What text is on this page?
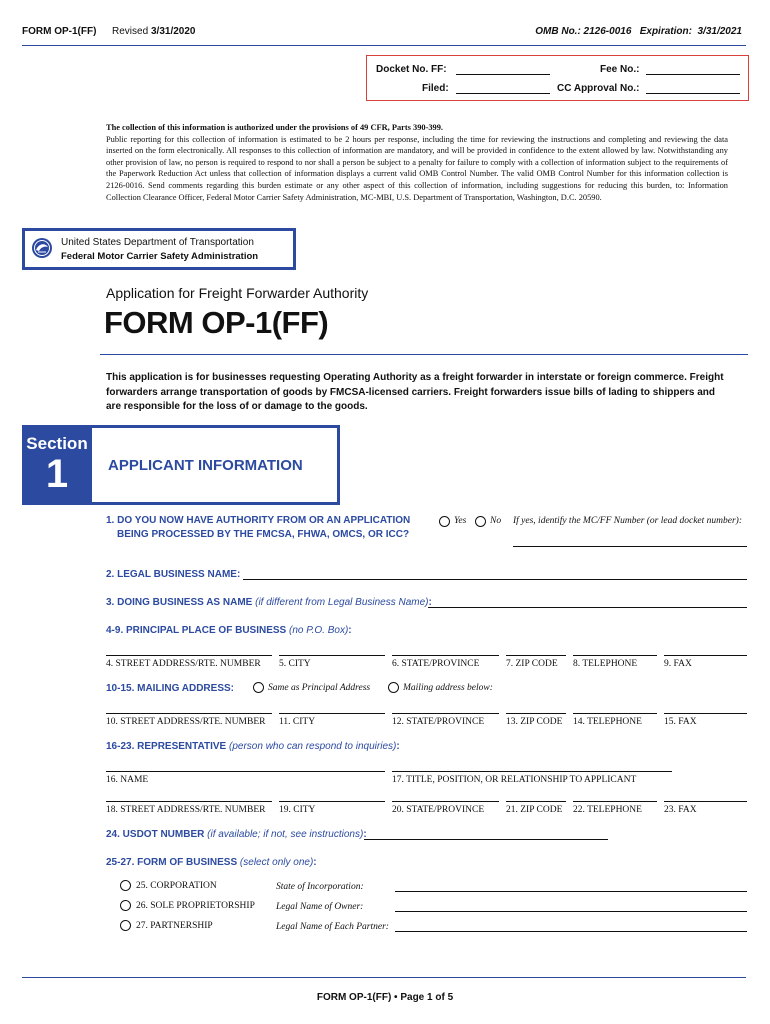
FORM OP-1(FF) Revised 3/31/2020	OMB No.: 2126-0016   Expiration:  3/31/2021
Docket No. FF:	Fee No.:
Filed:	CC Approval No.:
The collection of this information is authorized under the provisions of 49 CFR, Parts 390-399.
Public reporting for this collection of information is estimated to be 2 hours per response, including the time for reviewing the instructions and completing and reviewing the data inserted on the form electronically. All responses to this collection of information are mandatory, and will be provided in confidence to the extent allowed by law. Notwithstanding any other provision of law, no person is required to respond to nor shall a person be subject to a penalty for failure to comply with a collection of information subject to the requirements of the Paperwork Reduction Act unless that collection of information displays a current valid OMB Control Number. The valid OMB Control Number for this information collection is 2126-0016. Send comments regarding this burden estimate or any other aspect of this collection of information, including suggestions for reducing this burden, to: Information Collection Clearance Officer, Federal Motor Carrier Safety Administration, MC-MBI, U.S. Department of Transportation, Washington, D.C. 20590.
United States Department of Transportation
Federal Motor Carrier Safety Administration
Application for Freight Forwarder Authority
FORM OP-1(FF)
This application is for businesses requesting Operating Authority as a freight forwarder in interstate or foreign commerce. Freight forwarders arrange transportation of goods by FMCSA-licensed carriers. Freight forwarders issue bills of lading to shippers and are responsible for the loss of or damage to the goods.
Section
1	APPLICANT INFORMATION
1. DO YOU NOW HAVE AUTHORITY FROM OR AN APPLICATION
BEING PROCESSED BY THE FMCSA, FHWA, OMCS, OR ICC?
Yes No If yes, identify the MC/FF Number (or lead docket number):
2. LEGAL BUSINESS NAME:
3. DOING BUSINESS AS NAME (if different from Legal Business Name):
4-9. PRINCIPAL PLACE OF BUSINESS (no P.O. Box):
4. STREET ADDRESS/RTE. NUMBER 5. CITY	6. STATE/PROVINCE	7. ZIP CODE 8. TELEPHONE	9. FAX
10-15. MAILING ADDRESS:	Same as Principal Address	Mailing address below:
10. STREET ADDRESS/RTE. NUMBER 11. CITY	12. STATE/PROVINCE 13. ZIP CODE 14. TELEPHONE 15. FAX
16-23. REPRESENTATIVE (person who can respond to inquiries):
16. NAME	17. TITLE, POSITION, OR RELATIONSHIP TO APPLICANT
18. STREET ADDRESS/RTE. NUMBER 19. CITY	20. STATE/PROVINCE 21. ZIP CODE 22. TELEPHONE 23. FAX
24. USDOT NUMBER (if available; if not, see instructions):
25-27. FORM OF BUSINESS (select only one):
25. CORPORATION	State of Incorporation:
26. SOLE PROPRIETORSHIP Legal Name of Owner:
27. PARTNERSHIP	Legal Name of Each Partner:
FORM OP-1(FF) • Page 1 of 5
